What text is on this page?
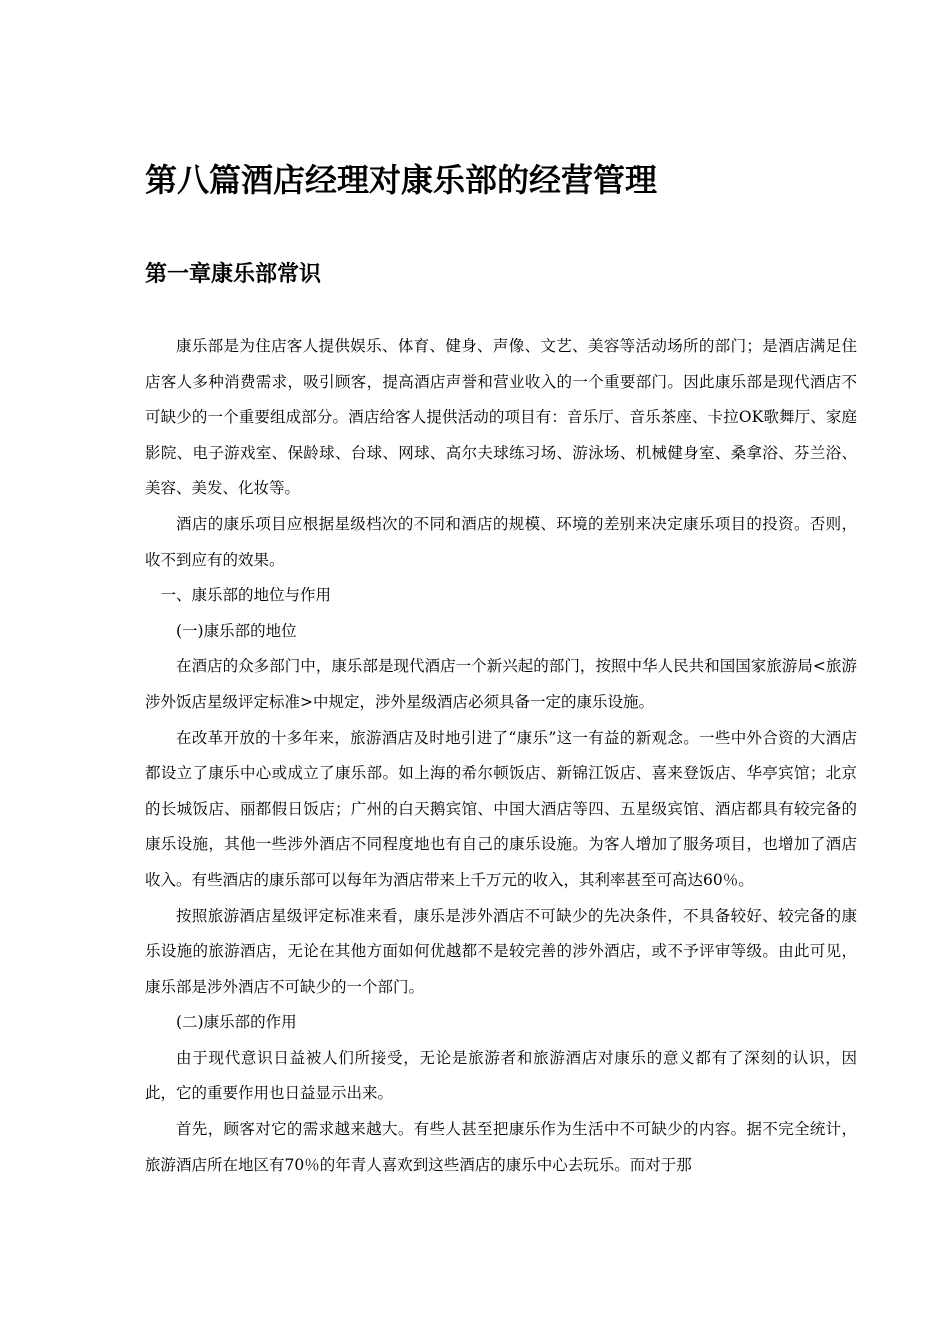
第八篇酒店经理对康乐部的经营管理
第一章康乐部常识

康乐部是为住店客人提供娱乐、体育、健身、声像、文艺、美容等活动场所的部门；是酒店满足住店客人多种消费需求，吸引顾客，提高酒店声誉和营业收入的一个重要部门。因此康乐部是现代酒店不可缺少的一个重要组成部分。酒店给客人提供活动的项目有：音乐厅、音乐茶座、卡拉OK歌舞厅、家庭影院、电子游戏室、保龄球、台球、网球、高尔夫球练习场、游泳场、机械健身室、桑拿浴、芬兰浴、美容、美发、化妆等。

酒店的康乐项目应根据星级档次的不同和酒店的规模、环境的差别来决定康乐项目的投资。否则，收不到应有的效果。

一、康乐部的地位与作用

(一)康乐部的地位

在酒店的众多部门中，康乐部是现代酒店一个新兴起的部门，按照中华人民共和国国家旅游局<旅游涉外饭店星级评定标准>中规定，涉外星级酒店必须具备一定的康乐设施。

在改革开放的十多年来，旅游酒店及时地引进了“康乐”这一有益的新观念。一些中外合资的大酒店都设立了康乐中心或成立了康乐部。如上海的希尔顿饭店、新锦江饭店、喜来登饭店、华亭宾馆；北京的长城饭店、丽都假日饭店；广州的白天鹅宾馆、中国大酒店等四、五星级宾馆、酒店都具有较完备的康乐设施，其他一些涉外酒店不同程度地也有自己的康乐设施。为客人增加了服务项目，也增加了酒店收入。有些酒店的康乐部可以每年为酒店带来上千万元的收入，其利率甚至可高达60％。

按照旅游酒店星级评定标准来看，康乐是涉外酒店不可缺少的先决条件，不具备较好、较完备的康乐设施的旅游酒店，无论在其他方面如何优越都不是较完善的涉外酒店，或不予评审等级。由此可见，康乐部是涉外酒店不可缺少的一个部门。

(二)康乐部的作用

由于现代意识日益被人们所接受，无论是旅游者和旅游酒店对康乐的意义都有了深刻的认识，因此，它的重要作用也日益显示出来。

首先，顾客对它的需求越来越大。有些人甚至把康乐作为生活中不可缺少的内容。据不完全统计，旅游酒店所在地区有70％的年青人喜欢到这些酒店的康乐中心去玩乐。而对于那
